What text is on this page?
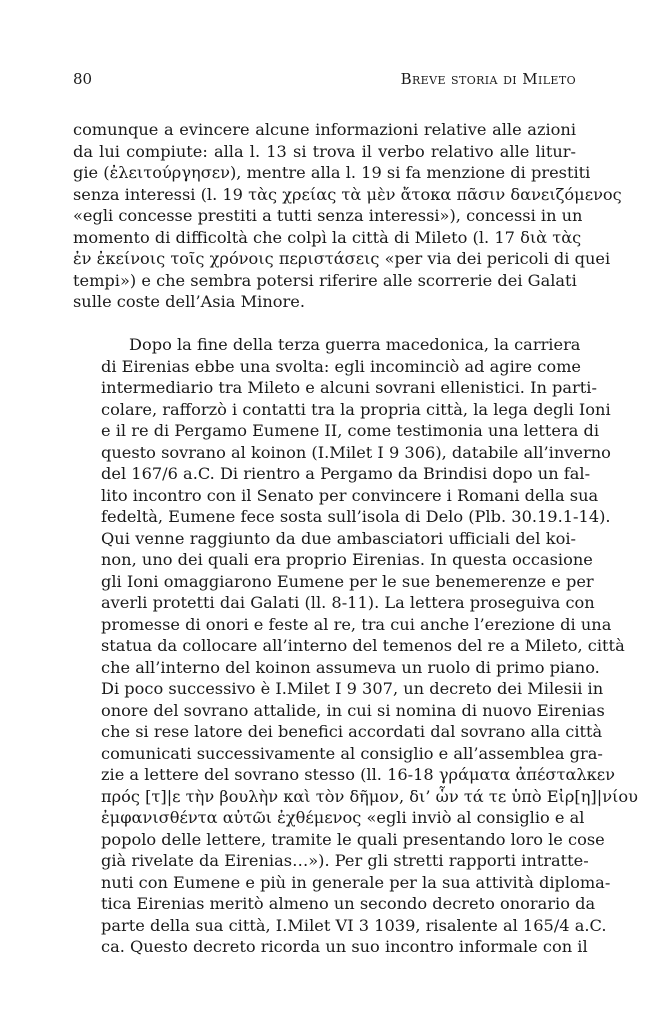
80	Breve storia di Mileto
comunque a evincere alcune informazioni relative alle azioni
da lui compiute: alla l. 13 si trova il verbo relativo alle litur-
gie (ἐλειτούργησεν), mentre alla l. 19 si fa menzione di prestiti
senza interessi (l. 19 τὰς χρείας τὰ μὲν ἄτοκα πᾶσιν δανειζόμενος
«egli concesse prestiti a tutti senza interessi»), concessi in un
momento di difficoltà che colpì la città di Mileto (l. 17 διὰ τὰς
ἐν ἐκείνοις τοῖς χρόνοις περιστάσεις «per via dei pericoli di quei
tempi») e che sembra potersi riferire alle scorrerie dei Galati
sulle coste dell’Asia Minore.
Dopo la fine della terza guerra macedonica, la carriera
di Eirenias ebbe una svolta: egli incominciò ad agire come
intermediario tra Mileto e alcuni sovrani ellenistici. In parti-
colare, rafforzò i contatti tra la propria città, la lega degli Ioni
e il re di Pergamo Eumene II, come testimonia una lettera di
questo sovrano al koinon (I.Milet I 9 306), databile all’inverno
del 167/6 a.C. Di rientro a Pergamo da Brindisi dopo un fal-
lito incontro con il Senato per convincere i Romani della sua
fedeltà, Eumene fece sosta sull’isola di Delo (Plb. 30.19.1-14).
Qui venne raggiunto da due ambasciatori ufficiali del koi-
non, uno dei quali era proprio Eirenias. In questa occasione
gli Ioni omaggiarono Eumene per le sue benemerenze e per
averli protetti dai Galati (ll. 8-11). La lettera proseguiva con
promesse di onori e feste al re, tra cui anche l’erezione di una
statua da collocare all’interno del temenos del re a Mileto, città
che all’interno del koinon assumeva un ruolo di primo piano.
Di poco successivo è I.Milet I 9 307, un decreto dei Milesii in
onore del sovrano attalide, in cui si nomina di nuovo Eirenias
che si rese latore dei benefici accordati dal sovrano alla città
comunicati successivamente al consiglio e all’assemblea gra-
zie a lettere del sovrano stesso (ll. 16-18 γράματα ἀπέσταλκεν
πρός [τ]|ε τὴν βουλὴν καὶ τὸν δῆμον, δι’ ὧν τά τε ὑπὸ Εἰρ[η]|νίου
ἐμφανισθέντα αὐτῶι ἐχθέμενος «egli inviò al consiglio e al
popolo delle lettere, tramite le quali presentando loro le cose
già rivelate da Eirenias…»). Per gli stretti rapporti intratte-
nuti con Eumene e più in generale per la sua attività diploma-
tica Eirenias meritò almeno un secondo decreto onorario da
parte della sua città, I.Milet VI 3 1039, risalente al 165/4 a.C.
ca. Questo decreto ricorda un suo incontro informale con il
